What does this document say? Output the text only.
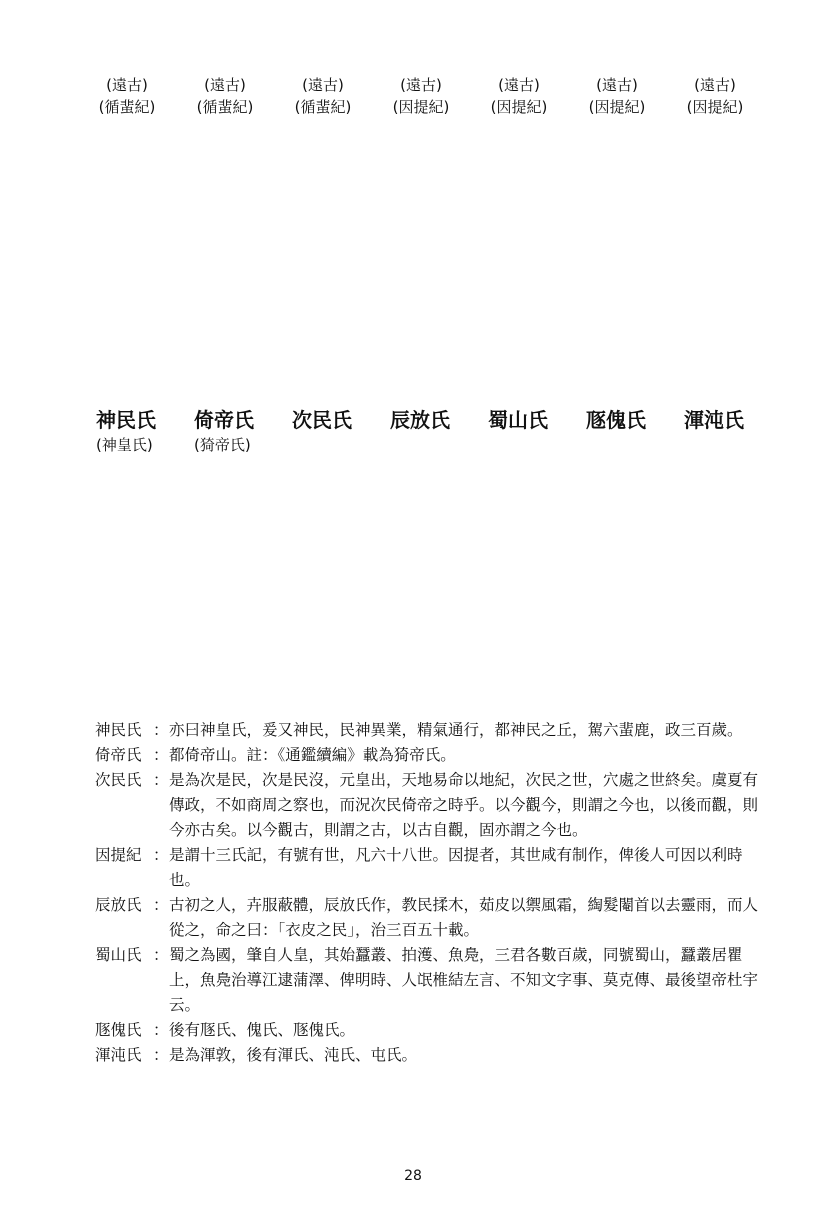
(遠古)
(循蜚紀)
(遠古)
(循蜚紀)
(遠古)
(循蜚紀)
(遠古)
(因提紀)
(遠古)
(因提紀)
(遠古)
(因提紀)
(遠古)
(因提紀)
神民氏
(神皇氏)
倚帝氏
(猗帝氏)
次民氏 辰放氏 蜀山氏 豗傀氏 渾沌氏
神民氏 ： 亦曰神皇氏，爰又神民，民神異業，精氣通行，都神民之丘，駕六蜚鹿，政三百歲。
倚帝氏 ： 都倚帝山。註：《通鑑續編》載為猗帝氏。
次民氏 ： 是為次是民，次是民沒，元皇出，天地易命以地紀，次民之世，穴處之世終矣。虞夏有傳政，不如商周之察也，而況次民倚帝之時乎。以今觀今，則謂之今也，以後而觀，則今亦古矣。以今觀古，則謂之古，以古自觀，固亦謂之今也。
因提紀 ： 是謂十三氏記，有號有世，凡六十八世。因提者，其世咸有制作，俾後人可因以利時也。
辰放氏 ： 古初之人，卉服蔽體，辰放氏作，教民揉木，茹皮以禦風霜，綯髮閹首以去靈雨，而人從之，命之曰：「衣皮之民」，治三百五十載。
蜀山氏 ： 蜀之為國，肇自人皇，其始蠶叢、拍濩、魚鳧，三君各數百歲，同號蜀山，蠶叢居瞿上，魚鳧治導江逮蒲澤、俾明時、人氓椎結左言、不知文字事、莫克傳、最後望帝杜宇云。
豗傀氏 ： 後有豗氏、傀氏、豗傀氏。
渾沌氏 ： 是為渾敦，後有渾氏、沌氏、屯氏。
28
